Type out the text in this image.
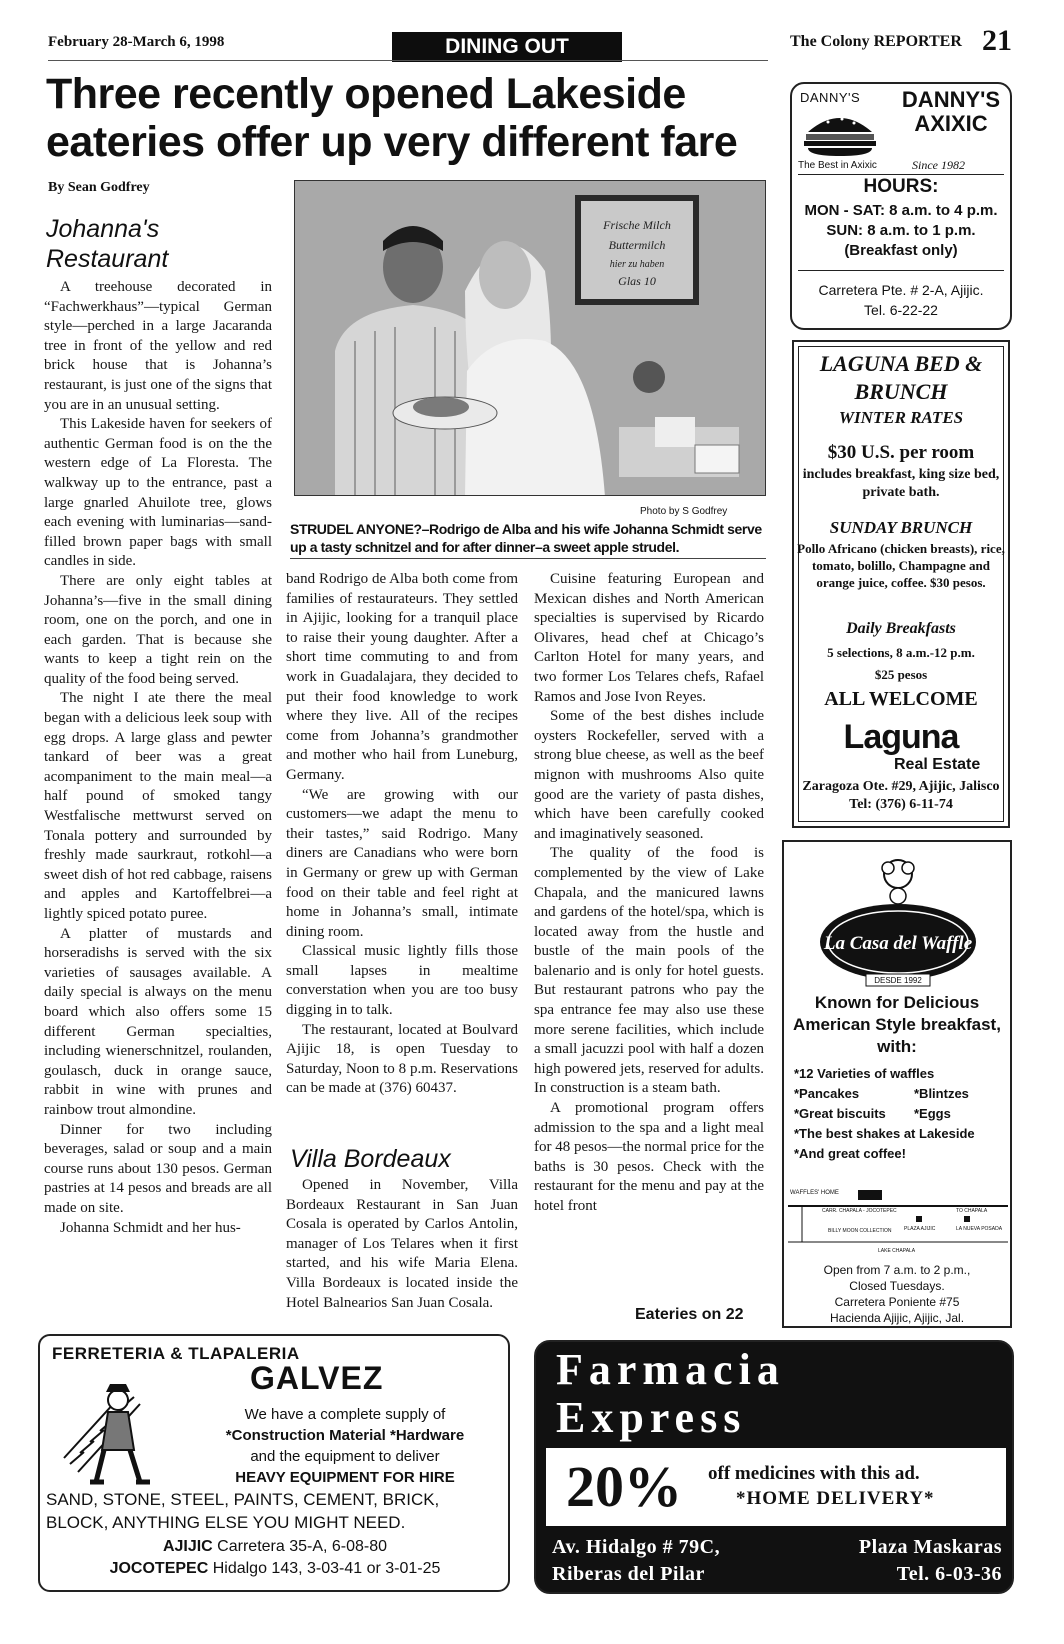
February 28-March 6, 1998	DINING OUT	The Colony REPORTER 21
Three recently opened Lakeside
eateries offer up very different fare
By Sean Godfrey
Johanna's Restaurant

A treehouse decorated in “Fachwerkhaus”—typical German style—perched in a large Jacaranda tree in front of the yellow and red brick house that is Johanna’s restaurant, is just one of the signs that you are in an unusual setting.

This Lakeside haven for seekers of authentic German food is on the the western edge of La Floresta. The walkway up to the entrance, past a large gnarled Ahuilote tree, glows each evening with luminarias—sand-filled brown paper bags with small candles in side.

There are only eight tables at Johanna’s—five in the small dining room, one on the porch, and one in each garden. That is because she wants to keep a tight rein on the quality of the food being served.

The night I ate there the meal began with a delicious leek soup with egg drops. A large glass and pewter tankard of beer was a great acompaniment to the main meal—a half pound of smoked tangy Westfalische mettwurst served on Tonala pottery and surrounded by freshly made saurkraut, rotkohl—a sweet dish of hot red cabbage, raisens and apples and Kartoffelbrei—a lightly spiced potato puree.

A platter of mustards and horseradishs is served with the six varieties of sausages available. A daily special is always on the menu board which also offers some 15 different German specialties, including wienerschnitzel, roulanden, goulasch, duck in orange sauce, rabbit in wine with prunes and rainbow trout almondine.

Dinner for two including beverages, salad or soup and a main course runs about 130 pesos. German pastries at 14 pesos and breads are all made on site.

Johanna Schmidt and her hus-

Frische Milch
Buttermilch
hier zu haben
Glas 10
Photo by S Godfrey
STRUDEL ANYONE?–Rodrigo de Alba and his wife Johanna Schmidt serve up a tasty schnitzel and for after dinner–a sweet apple strudel.

band Rodrigo de Alba both come from families of restaurateurs. They settled in Ajijic, looking for a tranquil place to raise their young daughter. After a short time commuting to and from work in Guadalajara, they decided to put their food knowledge to work where they live. All of the recipes come from Johanna’s grandmother and mother who hail from Luneburg, Germany.

“We are growing with our customers—we adapt the menu to their tastes,” said Rodrigo. Many diners are Canadians who were born in Germany or grew up with German food on their table and feel right at home in Johanna’s small, intimate dining room.

Classical music lightly fills those small lapses in mealtime converstation when you are too busy digging in to talk.

The restaurant, located at Boulvard Ajijic 18, is open Tuesday to Saturday, Noon to 8 p.m. Reservations can be made at (376) 60437.

Villa Bordeaux

Opened in November, Villa Bordeaux Restaurant in San Juan Cosala is operated by Carlos Antolin, manager of Los Telares when it first started, and his wife Maria Elena. Villa Bordeaux is located inside the Hotel Balnearios San Juan Cosala.

Cuisine featuring European and Mexican dishes and North American specialties is supervised by Ricardo Olivares, head chef at Chicago’s Carlton Hotel for many years, and two former Los Telares chefs, Rafael Ramos and Jose Ivon Reyes.

Some of the best dishes include oysters Rockefeller, served with a strong blue cheese, as well as the beef mignon with mushrooms Also quite good are the variety of pasta dishes, which have been carefully cooked and imaginatively seasoned.

The quality of the food is complemented by the view of Lake Chapala, and the manicured lawns and gardens of the hotel/spa, which is located away from the hustle and bustle of the main pools of the balenario and is only for hotel guests. But restaurant patrons who pay the spa entrance fee may also use these more serene facilities, which include a small jacuzzi pool with half a dozen high powered jets, reserved for adults. In construction is a steam bath.

A promotional program offers admission to the spa and a light meal for 48 pesos—the normal price for the baths is 30 pesos. Check with the restaurant for the menu and pay at the hotel front

Eateries on 22
DANNY'S	DANNY'S AXIXIC
The Best in Axixic	Since 1982
HOURS:
MON - SAT: 8 a.m. to 4 p.m.
SUN: 8 a.m. to 1 p.m.
(Breakfast only)
Carretera Pte. # 2-A, Ajijic.
Tel. 6-22-22
LAGUNA BED & BRUNCH
WINTER RATES
$30 U.S. per room
includes breakfast, king size bed, private bath.
SUNDAY BRUNCH
Pollo Africano (chicken breasts), rice, tomato, bolillo, Champagne and orange juice, coffee. $30 pesos.
Daily Breakfasts
5 selections, 8 a.m.-12 p.m.
$25 pesos
ALL WELCOME
Laguna
Real Estate
Zaragoza Ote. #29, Ajijic, Jalisco Tel: (376) 6-11-74
La Casa del Waffle
DESDE 1992
Known for Delicious American Style breakfast, with:
*12 Varieties of waffles
*Pancakes	*Blintzes
*Great biscuits *Eggs
*The best shakes at Lakeside
*And great coffee!
WAFFLES' HOME
CARR. CHAPALA - JOCOTEPEC	TO CHAPALA
PLAZA AJIJIC	LA NUEVA POSADA
BILLY MOON COLLECTION
LAKE CHAPALA
Open from 7 a.m. to 2 p.m.,
Closed Tuesdays.
Carretera Poniente #75
Hacienda Ajijic, Ajijic, Jal.
FERRETERIA & TLAPALERIA
GALVEZ
We have a complete supply of
*Construction Material *Hardware
and the equipment to deliver
HEAVY EQUIPMENT FOR HIRE
SAND, STONE, STEEL, PAINTS, CEMENT, BRICK,
BLOCK, ANYTHING ELSE YOU MIGHT NEED.
AJIJIC Carretera 35-A, 6-08-80
JOCOTEPEC Hidalgo 143, 3-03-41 or 3-01-25
Farmacia
Express
20% off medicines with this ad.
*HOME DELIVERY*
Av. Hidalgo # 79C,
Riberas del Pilar
Plaza Maskaras
Tel. 6-03-36
